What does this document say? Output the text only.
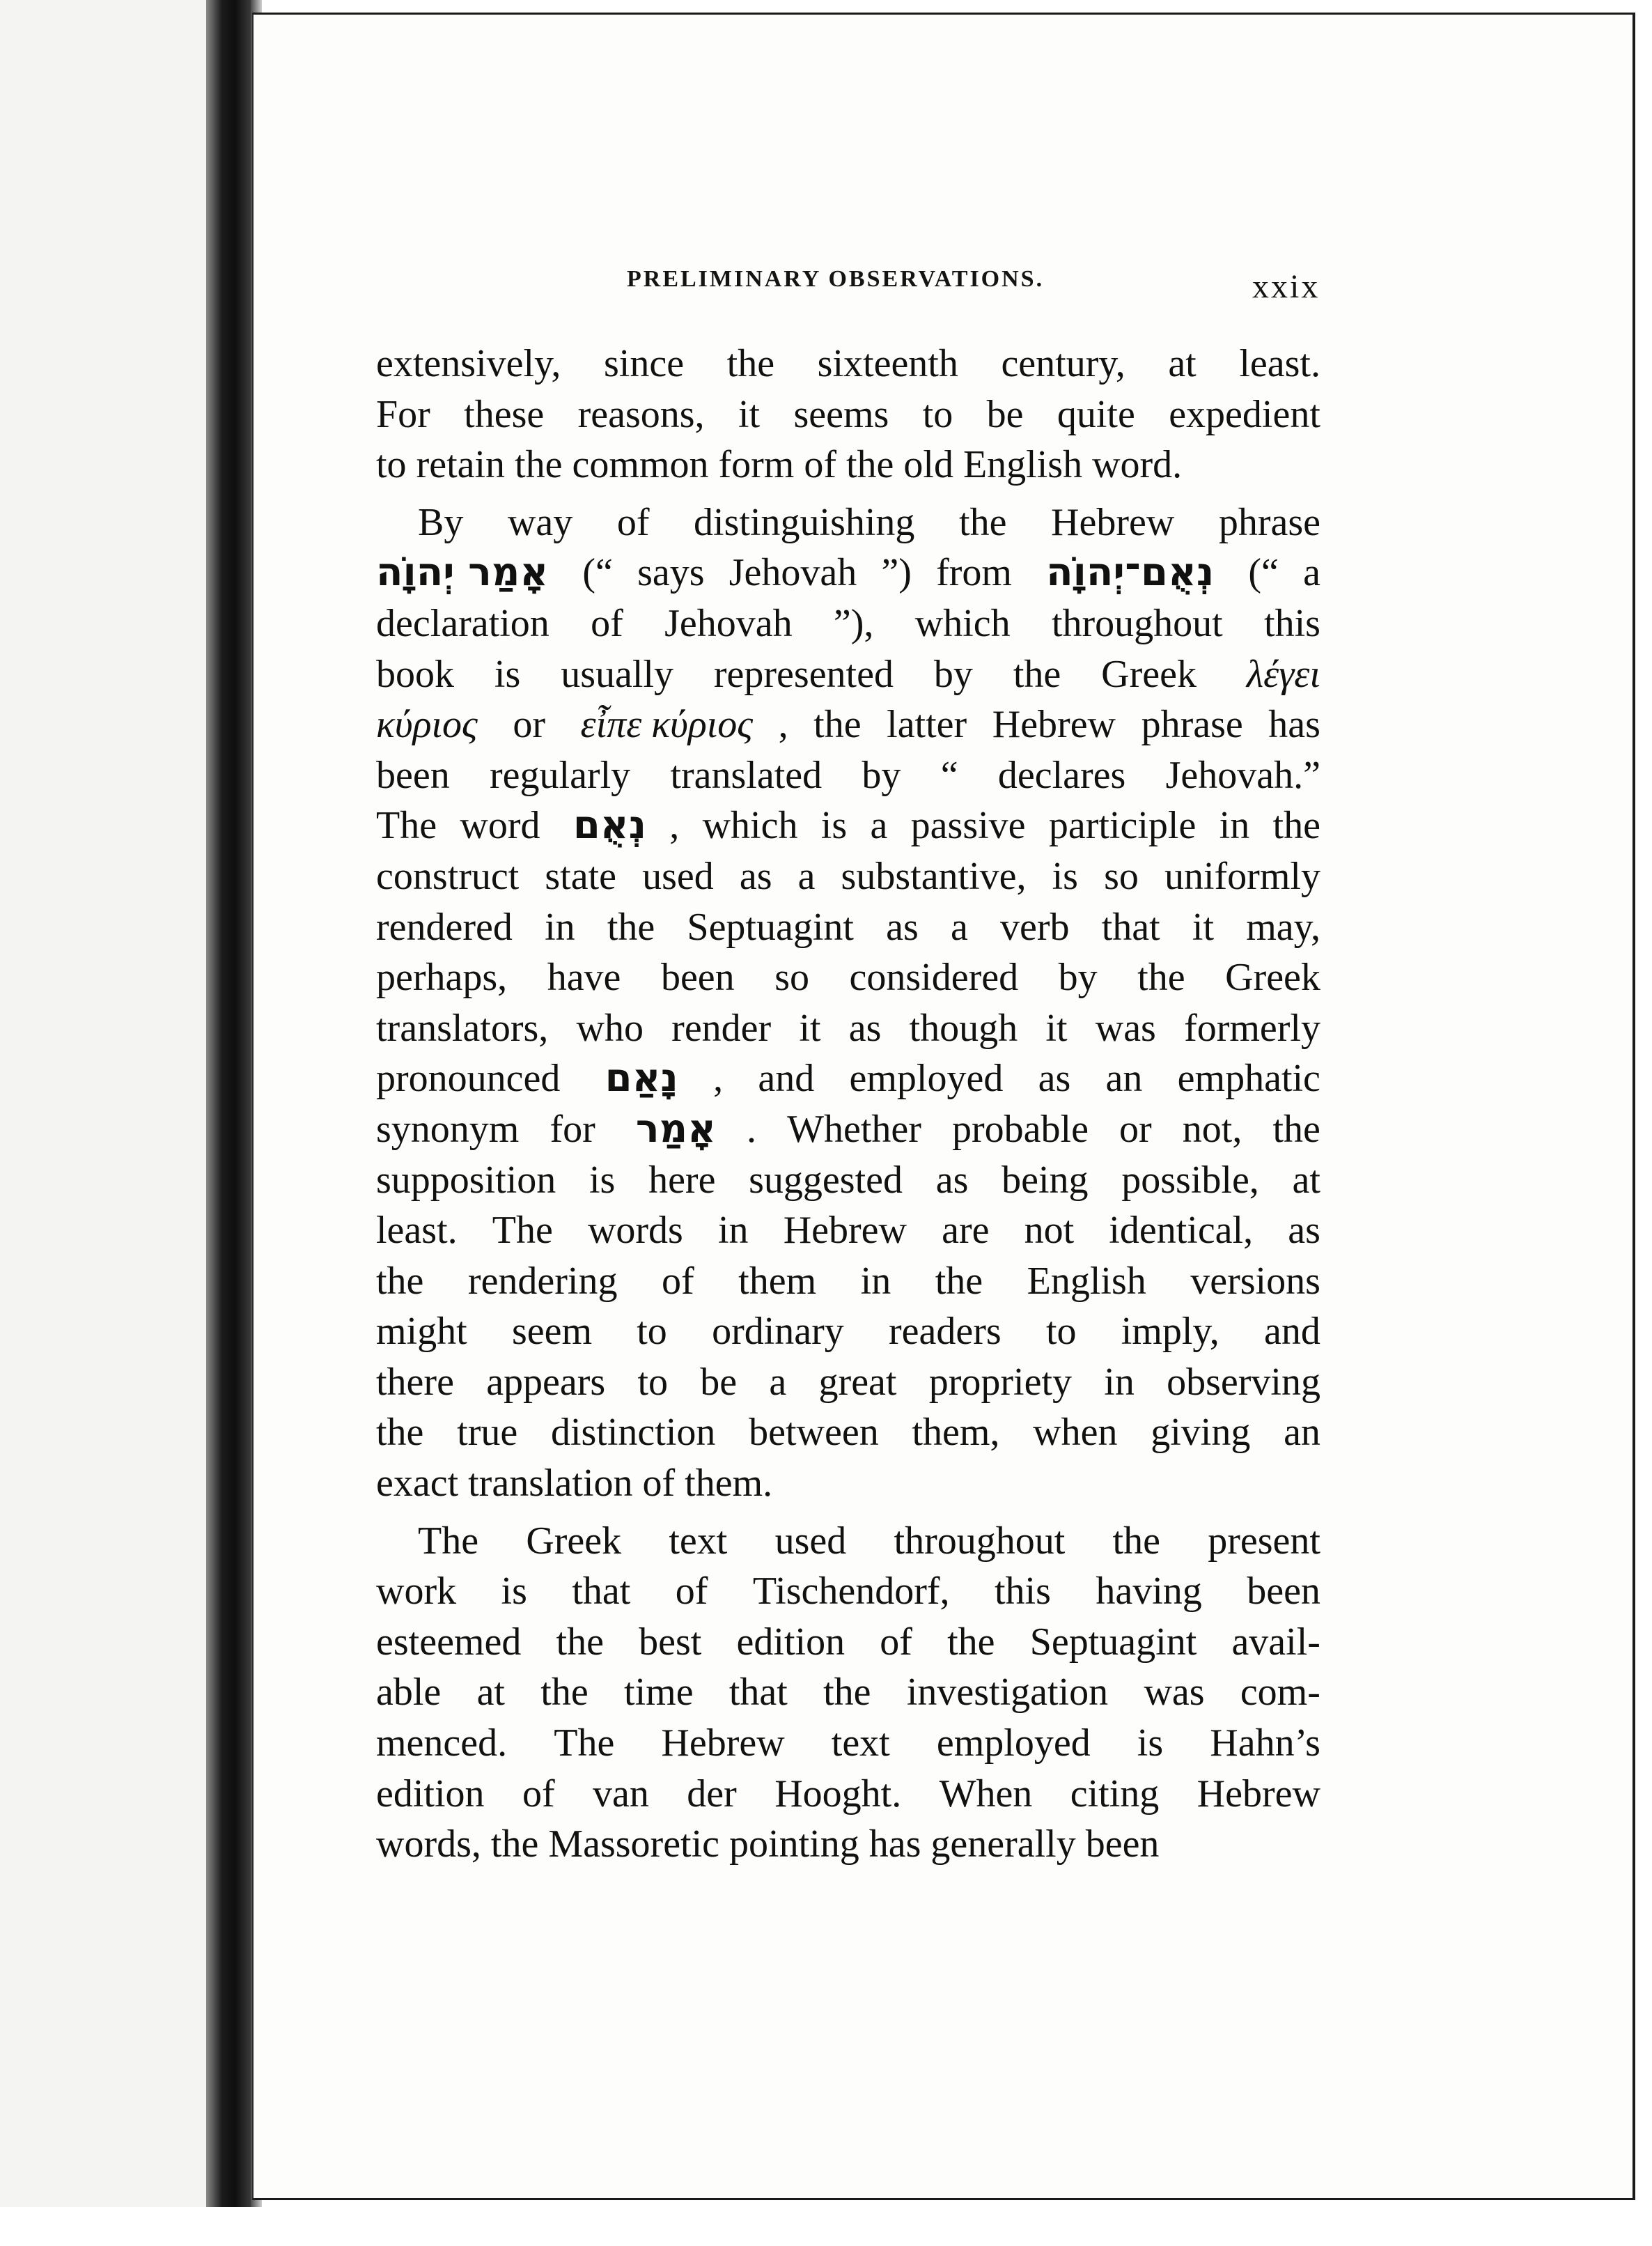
PRELIMINARY OBSERVATIONS.	xxix
extensively, since the sixteenth century, at least.
For these reasons, it seems to be quite expedient
to retain the common form of the old English word.
By way of distinguishing the Hebrew phrase
אָמַר יְהוָֹה (“ says Jehovah ”) from נְאֻם־יְהוָֹה (“ a
declaration of Jehovah ”), which throughout this
book is usually represented by the Greek λέγει
κύριος or εἶπε κύριος , the latter Hebrew phrase has
been regularly translated by “ declares Jehovah.”
The word נְאֻם , which is a passive participle in the
construct state used as a substantive, is so uniformly
rendered in the Septuagint as a verb that it may,
perhaps, have been so considered by the Greek
translators, who render it as though it was formerly
pronounced נָאַם , and employed as an emphatic
synonym for אָמַר . Whether probable or not, the
supposition is here suggested as being possible, at
least. The words in Hebrew are not identical, as
the rendering of them in the English versions
might seem to ordinary readers to imply, and
there appears to be a great propriety in observing
the true distinction between them, when giving an
exact translation of them.
The Greek text used throughout the present
work is that of Tischendorf, this having been
esteemed the best edition of the Septuagint avail-
able at the time that the investigation was com-
menced. The Hebrew text employed is Hahn’s
edition of van der Hooght. When citing Hebrew
words, the Massoretic pointing has generally been
